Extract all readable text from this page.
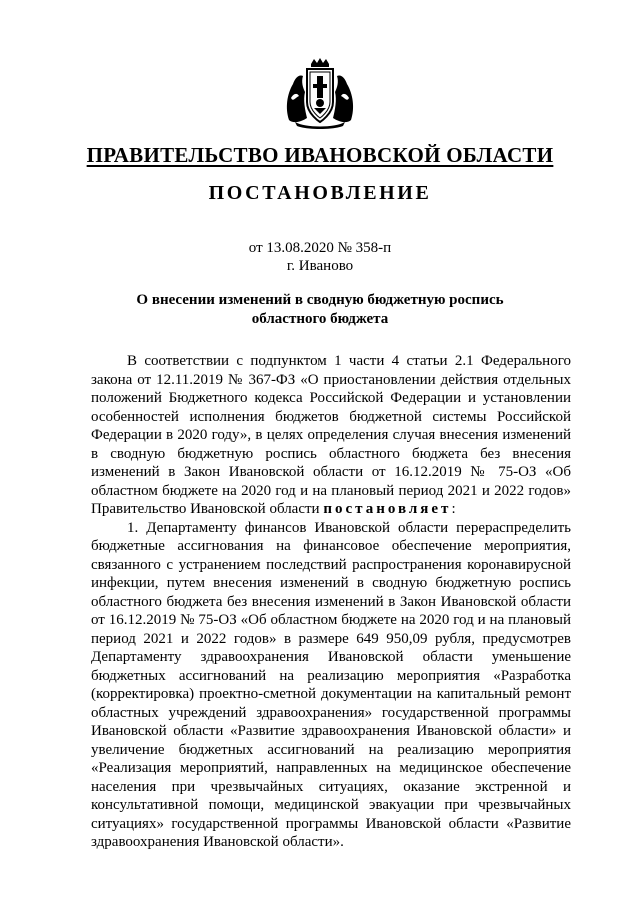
ПРАВИТЕЛЬСТВО ИВАНОВСКОЙ ОБЛАСТИ
ПОСТАНОВЛЕНИЕ
от 13.08.2020 № 358-п
г. Иваново
О внесении изменений в сводную бюджетную роспись
областного бюджета

В соответствии с подпунктом 1 части 4 статьи 2.1 Федерального закона от 12.11.2019 № 367-ФЗ «О приостановлении действия отдельных положений Бюджетного кодекса Российской Федерации и установлении особенностей исполнения бюджетов бюджетной системы Российской Федерации в 2020 году», в целях определения случая внесения изменений в сводную бюджетную роспись областного бюджета без внесения изменений в Закон Ивановской области от 16.12.2019 № 75-ОЗ «Об областном бюджете на 2020 год и на плановый период 2021 и 2022 годов» Правительство Ивановской области постановляет:

1. Департаменту финансов Ивановской области перераспределить бюджетные ассигнования на финансовое обеспечение мероприятия, связанного с устранением последствий распространения коронавирусной инфекции, путем внесения изменений в сводную бюджетную роспись областного бюджета без внесения изменений в Закон Ивановской области от 16.12.2019 № 75-ОЗ «Об областном бюджете на 2020 год и на плановый период 2021 и 2022 годов» в размере 649 950,09 рубля, предусмотрев Департаменту здравоохранения Ивановской области уменьшение бюджетных ассигнований на реализацию мероприятия «Разработка (корректировка) проектно-сметной документации на капитальный ремонт областных учреждений здравоохранения» государственной программы Ивановской области «Развитие здравоохранения Ивановской области» и увеличение бюджетных ассигнований на реализацию мероприятия «Реализация мероприятий, направленных на медицинское обеспечение населения при чрезвычайных ситуациях, оказание экстренной и консультативной помощи, медицинской эвакуации при чрезвычайных ситуациях» государственной программы Ивановской области «Развитие здравоохранения Ивановской области».
